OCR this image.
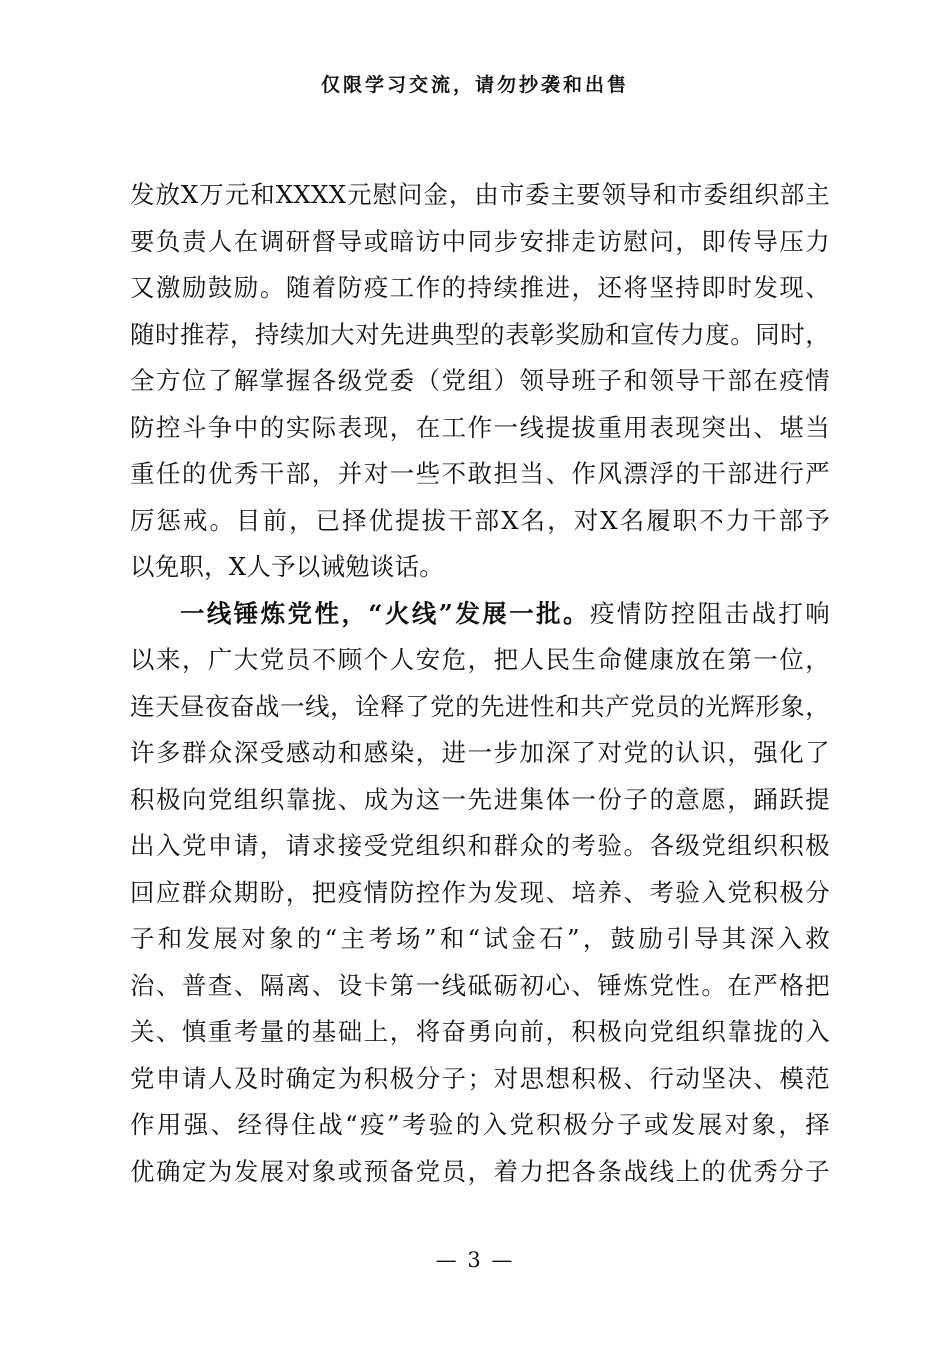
仅限学习交流，请勿抄袭和出售
发放X万元和XXXX元慰问金，由市委主要领导和市委组织部主
要负责人在调研督导或暗访中同步安排走访慰问，即传导压力
又激励鼓励。随着防疫工作的持续推进，还将坚持即时发现、
随时推荐，持续加大对先进典型的表彰奖励和宣传力度。同时，
全方位了解掌握各级党委（党组）领导班子和领导干部在疫情
防控斗争中的实际表现，在工作一线提拔重用表现突出、堪当
重任的优秀干部，并对一些不敢担当、作风漂浮的干部进行严
厉惩戒。目前，已择优提拔干部X名，对X名履职不力干部予
以免职，X人予以诫勉谈话。
一线锤炼党性，“火线”发展一批。疫情防控阻击战打响
以来，广大党员不顾个人安危，把人民生命健康放在第一位，
连天昼夜奋战一线，诠释了党的先进性和共产党员的光辉形象，
许多群众深受感动和感染，进一步加深了对党的认识，强化了
积极向党组织靠拢、成为这一先进集体一份子的意愿，踊跃提
出入党申请，请求接受党组织和群众的考验。各级党组织积极
回应群众期盼，把疫情防控作为发现、培养、考验入党积极分
子和发展对象的“主考场”和“试金石”，鼓励引导其深入救
治、普查、隔离、设卡第一线砥砺初心、锤炼党性。在严格把
关、慎重考量的基础上，将奋勇向前，积极向党组织靠拢的入
党申请人及时确定为积极分子；对思想积极、行动坚决、模范
作用强、经得住战“疫”考验的入党积极分子或发展对象，择
优确定为发展对象或预备党员，着力把各条战线上的优秀分子
— 3 —
